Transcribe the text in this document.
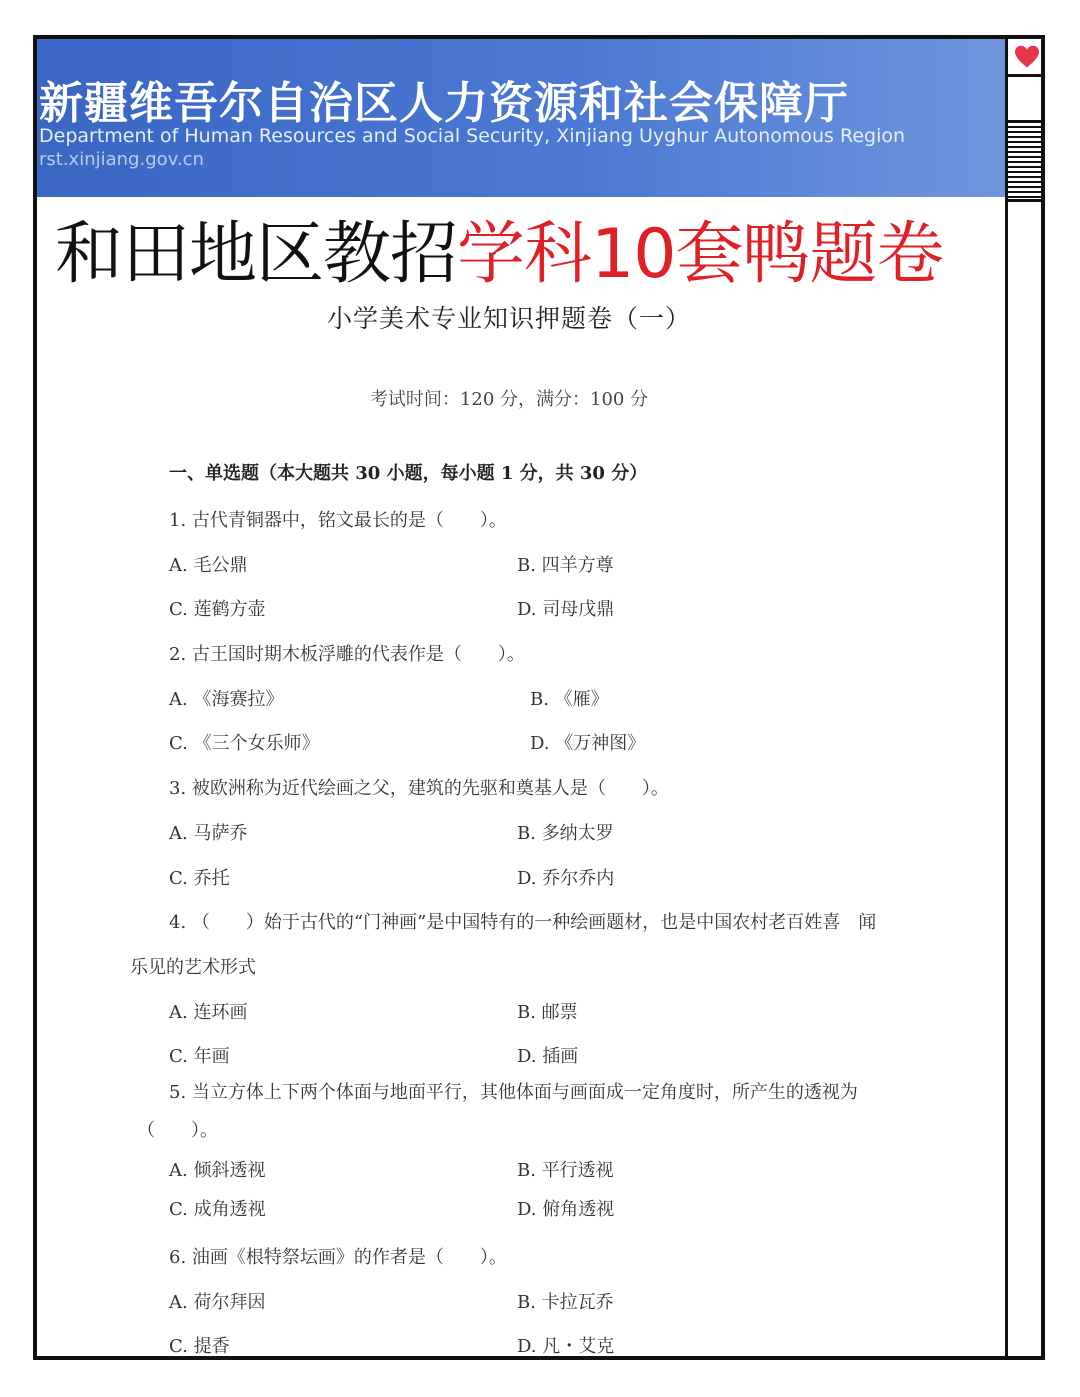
新疆维吾尔自治区人力资源和社会保障厅
Department of Human Resources and Social Security, Xinjiang Uyghur Autonomous Region
rst.xinjiang.gov.cn
和田地区教招学科10套鸭题卷
小学美术专业知识押题卷（一）
考试时间：120 分，满分：100 分
一、单选题（本大题共 30 小题，每小题 1 分，共 30 分）
1. 古代青铜器中，铭文最长的是（　　）。
A. 毛公鼎	B. 四羊方尊
C. 莲鹤方壶	D. 司母戊鼎
2. 古王国时期木板浮雕的代表作是（　　）。
A. 《海赛拉》	B. 《雁》
C. 《三个女乐师》	D. 《万神图》
3. 被欧洲称为近代绘画之父，建筑的先驱和奠基人是（　　）。
A. 马萨乔	B. 多纳太罗
C. 乔托	D. 乔尔乔内
4. （　　）始于古代的“门神画”是中国特有的一种绘画题材，也是中国农村老百姓喜　闻
乐见的艺术形式
A. 连环画	B. 邮票
C. 年画	D. 插画
5. 当立方体上下两个体面与地面平行，其他体面与画面成一定角度时，所产生的透视为
（　　）。
A. 倾斜透视	B. 平行透视
C. 成角透视	D. 俯角透视
6. 油画《根特祭坛画》的作者是（　　）。
A. 荷尔拜因	B. 卡拉瓦乔
C. 提香	D. 凡・艾克
